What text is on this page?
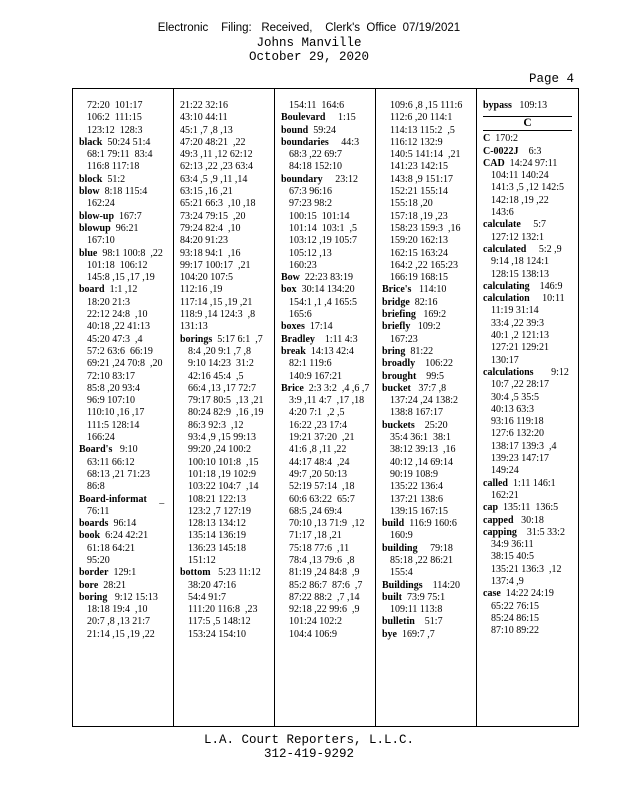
Electronic    Filing:   Received,    Clerk's  Office  07/19/2021
Johns Manville
October 29, 2020
Page 4
72:20  101:17
106:2  111:15
123:12  128:3
black  50:24 51:4
68:1 79:11  83:4
116:8 117:18
block  51:2
blow  8:18 115:4
162:24
blow-up  167:7
blowup  96:21
167:10
blue  98:1 100:8  ,22
101:18  106:12
145:8 ,15 ,17 ,19
board  1:1 ,12
18:20 21:3
22:12 24:8  ,10
40:18 ,22 41:13
45:20 47:3  ,4
57:2 63:6  66:19
69:21 ,24 70:8  ,20
72:10 83:17
85:8 ,20 93:4
96:9 107:10
110:10 ,16 ,17
111:5 128:14
166:24
Board's   9:10
63:11 66:12
68:13 ,21 71:23
86:8
Board-informat     _
76:11
boards  96:14
book  6:24 42:21
61:18 64:21
95:20
border  129:1
bore  28:21
boring   9:12 15:13
18:18 19:4  ,10
20:7 ,8 ,13 21:7
21:14 ,15 ,19 ,22
21:22 32:16
43:10 44:11
45:1 ,7 ,8 ,13
47:20 48:21  ,22
49:3 ,11 ,12 62:12
62:13 ,22 ,23 63:4
63:4 ,5 ,9 ,11 ,14
63:15 ,16 ,21
65:21 66:3  ,10 ,18
73:24 79:15  ,20
79:24 82:4  ,10
84:20 91:23
93:18 94:1  ,16
99:17 100:17  ,21
104:20 107:5
112:16 ,19
117:14 ,15 ,19 ,21
118:9 ,14 124:3  ,8
131:13
borings  5:17 6:1  ,7
8:4 ,20 9:1 ,7 ,8
9:10 14:23  31:2
42:16 45:4  ,5
66:4 ,13 ,17 72:7
79:17 80:5  ,13 ,21
80:24 82:9  ,16 ,19
86:3 92:3  ,12
93:4 ,9 ,15 99:13
99:20 ,24 100:2
100:10 101:8  ,15
101:18 ,19 102:9
103:22 104:7  ,14
108:21 122:13
123:2 ,7 127:19
128:13 134:12
135:14 136:19
136:23 145:18
151:12
bottom   5:23 11:12
38:20 47:16
54:4 91:7
111:20 116:8  ,23
117:5 ,5 148:12
153:24 154:10
154:11  164:6
Boulevard     1:15
bound  59:24
boundaries     44:3
68:3 ,22 69:7
84:18 152:10
boundary     23:12
67:3 96:16
97:23 98:2
100:15  101:14
101:14  103:1  ,5
103:12 ,19 105:7
105:12 ,13
160:23
Bow  22:23 83:19
box  30:14 134:20
154:1 ,1 ,4 165:5
165:6
boxes  17:14
Bradley    1:11 4:3
break  14:13 42:4
82:1 119:6
140:9 167:21
Brice  2:3 3:2  ,4 ,6 ,7
3:9 ,11 4:7  ,17 ,18
4:20 7:1  ,2 ,5
16:22 ,23 17:4
19:21 37:20  ,21
41:6 ,8 ,11 ,22
44:17 48:4  ,24
49:7 ,20 50:13
52:19 57:14  ,18
60:6 63:22  65:7
68:5 ,24 69:4
70:10 ,13 71:9  ,12
71:17 ,18 ,21
75:18 77:6  ,11
78:4 ,13 79:6  ,8
81:19 ,24 84:8  ,9
85:2 86:7  87:6  ,7
87:22 88:2  ,7 ,14
92:18 ,22 99:6  ,9
101:24 102:2
104:4 106:9
109:6 ,8 ,15 111:6
112:6 ,20 114:1
114:13 115:2  ,5
116:12 132:9
140:5 141:14  ,21
141:23 142:15
143:8 ,9 151:17
152:21 155:14
155:18 ,20
157:18 ,19 ,23
158:23 159:3  ,16
159:20 162:13
162:15 163:24
164:2 ,22 165:23
166:19 168:15
Brice's   114:10
bridge  82:16
briefing   169:2
briefly   109:2
167:23
bring  81:22
broadly    106:22
brought    99:5
bucket   37:7 ,8
137:24 ,24 138:2
138:8 167:17
buckets    25:20
35:4 36:1  38:1
38:12 39:13  ,16
40:12 ,14 69:14
90:19 108:9
135:22 136:4
137:21 138:6
139:15 167:15
build  116:9 160:6
160:9
building     79:18
85:18 ,22 86:21
155:4
Buildings    114:20
built  73:9 75:1
109:11 113:8
bulletin    51:7
bye  169:7 ,7
bypass   109:13
C
C  170:2
C-0022J    6:3
CAD  14:24 97:11
104:11 140:24
141:3 ,5 ,12 142:5
142:18 ,19 ,22
143:6
calculate     5:7
127:12 132:1
calculated     5:2 ,9
9:14 ,18 124:1
128:15 138:13
calculating    146:9
calculation     10:11
11:19 31:14
33:4 ,22 39:3
40:1 ,2 121:13
127:21 129:21
130:17
calculations       9:12
10:7 ,22 28:17
30:4 ,5 35:5
40:13 63:3
93:16 119:18
127:6 132:20
138:17 139:3  ,4
139:23 147:17
149:24
called  1:11 146:1
162:21
cap  135:11  136:5
capped   30:18
capping    31:5 33:2
34:9 36:11
38:15 40:5
135:21 136:3  ,12
137:4 ,9
case  14:22 24:19
65:22 76:15
85:24 86:15
87:10 89:22
L.A. Court Reporters, L.L.C.
312-419-9292
